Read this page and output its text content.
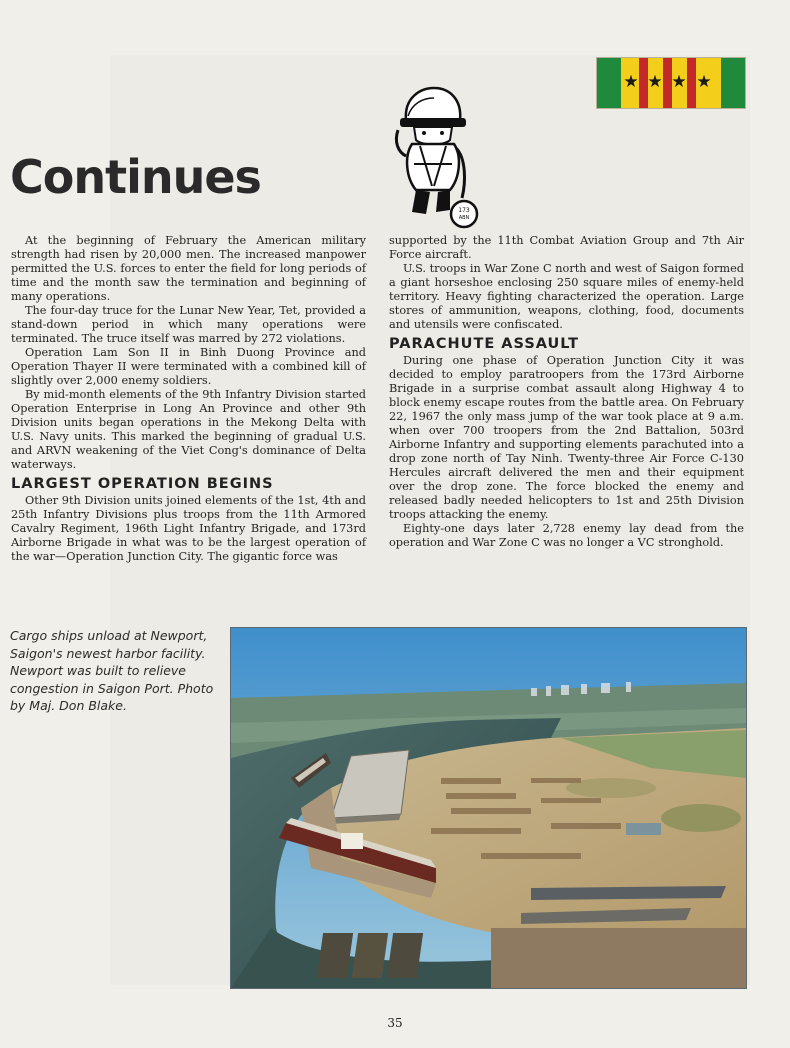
★ ★ ★ ★
173
ABN
Continues

At the beginning of February the American military strength had risen by 20,000 men. The increased manpower permitted the U.S. forces to enter the field for long periods of time and the month saw the termination and beginning of many operations.

The four-day truce for the Lunar New Year, Tet, provided a stand-down period in which many operations were terminated. The truce itself was marred by 272 violations.

Operation Lam Son II in Binh Duong Province and Operation Thayer II were terminated with a combined kill of slightly over 2,000 enemy soldiers.

By mid-month elements of the 9th Infantry Division started Operation Enterprise in Long An Province and other 9th Division units began operations in the Mekong Delta with U.S. Navy units. This marked the beginning of gradual U.S. and ARVN weakening of the Viet Cong's dominance of Delta waterways.

LARGEST OPERATION BEGINS

Other 9th Division units joined elements of the 1st, 4th and 25th Infantry Divisions plus troops from the 11th Armored Cavalry Regiment, 196th Light Infantry Brigade, and 173rd Airborne Brigade in what was to be the largest operation of the war—Operation Junction City. The gigantic force was

supported by the 11th Combat Aviation Group and 7th Air Force aircraft.

U.S. troops in War Zone C north and west of Saigon formed a giant horseshoe enclosing 250 square miles of enemy-held territory. Heavy fighting characterized the operation. Large stores of ammunition, weapons, clothing, food, documents and utensils were confiscated.

PARACHUTE ASSAULT

During one phase of Operation Junction City it was decided to employ paratroopers from the 173rd Airborne Brigade in a surprise combat assault along Highway 4 to block enemy escape routes from the battle area. On February 22, 1967 the only mass jump of the war took place at 9 a.m. when over 700 troopers from the 2nd Battalion, 503rd Airborne Infantry and supporting elements parachuted into a drop zone north of Tay Ninh. Twenty-three Air Force C-130 Hercules aircraft delivered the men and their equipment over the drop zone. The force blocked the enemy and released badly needed helicopters to 1st and 25th Division troops attacking the enemy.

Eighty-one days later 2,728 enemy lay dead from the operation and War Zone C was no longer a VC stronghold.

Cargo ships unload at Newport, Saigon's newest harbor facility. Newport was built to relieve congestion in Saigon Port. Photo by Maj. Don Blake.

35
